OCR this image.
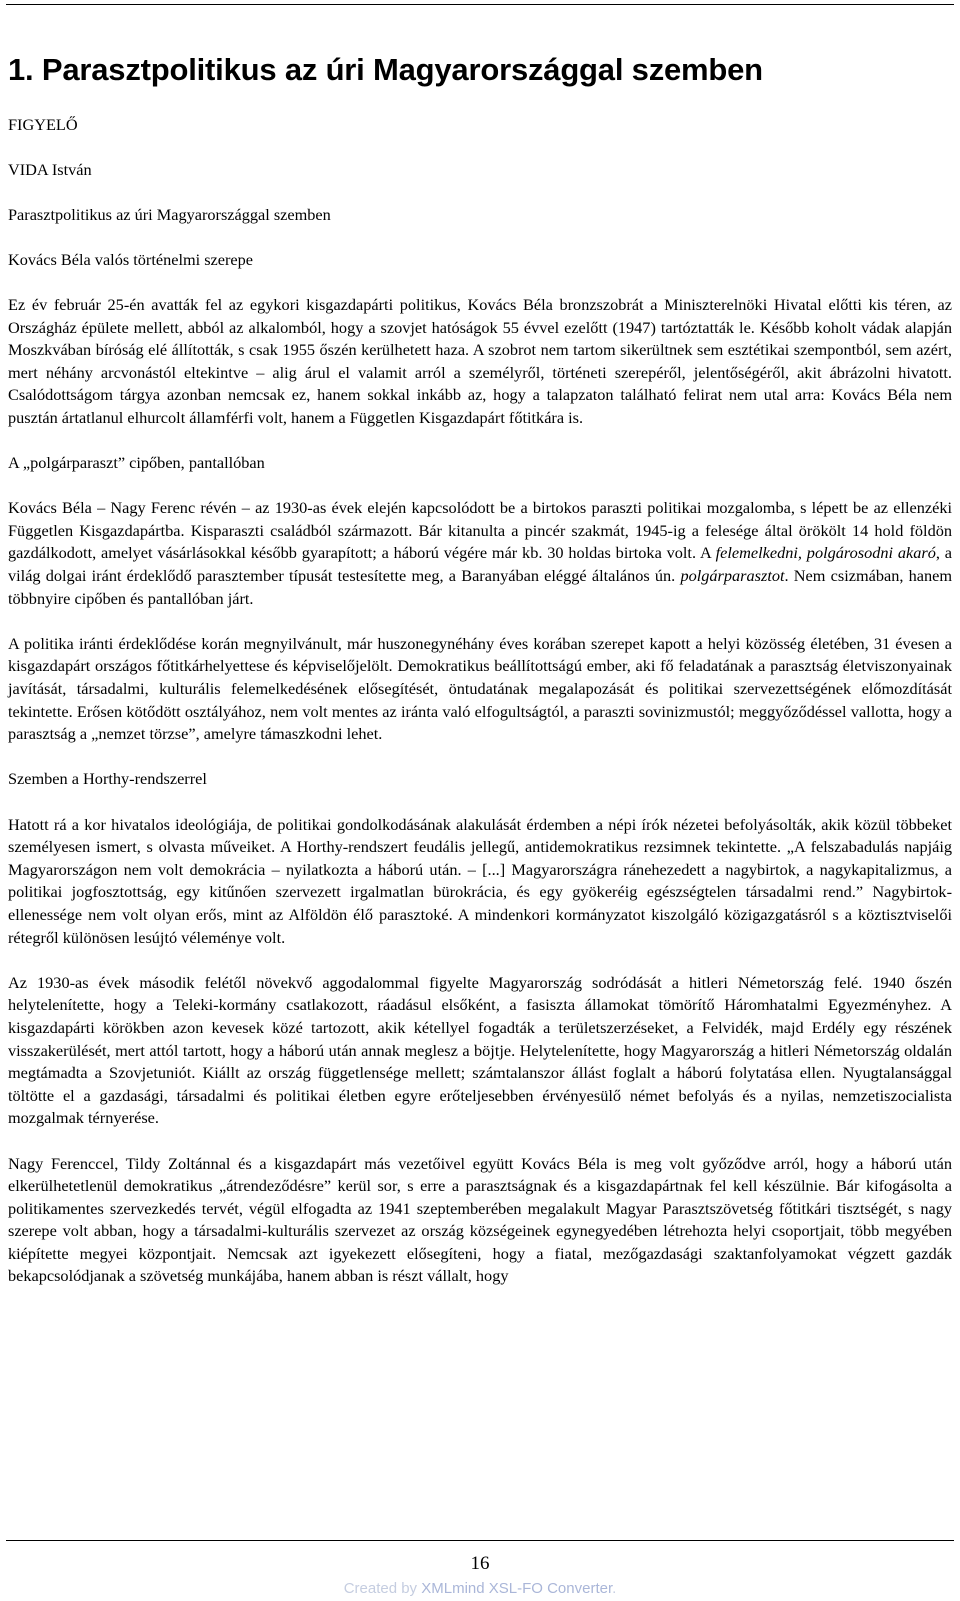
1. Parasztpolitikus az úri Magyarországgal szemben

FIGYELŐ

VIDA István

Parasztpolitikus az úri Magyarországgal szemben

Kovács Béla valós történelmi szerepe

Ez év február 25-én avatták fel az egykori kisgazdapárti politikus, Kovács Béla bronzszobrát a Miniszterelnöki Hivatal előtti kis téren, az Országház épülete mellett, abból az alkalomból, hogy a szovjet hatóságok 55 évvel ezelőtt (1947) tartóztatták le. Később koholt vádak alapján Moszkvában bíróság elé állították, s csak 1955 őszén kerülhetett haza. A szobrot nem tartom sikerültnek sem esztétikai szempontból, sem azért, mert néhány arcvonástól eltekintve – alig árul el valamit arról a személyről, történeti szerepéről, jelentőségéről, akit ábrázolni hivatott. Csalódottságom tárgya azonban nemcsak ez, hanem sokkal inkább az, hogy a talapzaton található felirat nem utal arra: Kovács Béla nem pusztán ártatlanul elhurcolt államférfi volt, hanem a Független Kisgazdapárt főtitkára is.

A „polgárparaszt” cipőben, pantallóban

Kovács Béla – Nagy Ferenc révén – az 1930-as évek elején kapcsolódott be a birtokos paraszti politikai mozgalomba, s lépett be az ellenzéki Független Kisgazdapártba. Kisparaszti családból származott. Bár kitanulta a pincér szakmát, 1945-ig a felesége által örökölt 14 hold földön gazdálkodott, amelyet vásárlásokkal később gyarapított; a háború végére már kb. 30 holdas birtoka volt. A felemelkedni, polgárosodni akaró, a világ dolgai iránt érdeklődő parasztember típusát testesítette meg, a Baranyában eléggé általános ún. polgárparasztot. Nem csizmában, hanem többnyire cipőben és pantallóban járt.

A politika iránti érdeklődése korán megnyilvánult, már huszonegynéhány éves korában szerepet kapott a helyi közösség életében, 31 évesen a kisgazdapárt országos főtitkárhelyettese és képviselőjelölt. Demokratikus beállítottságú ember, aki fő feladatának a parasztság életviszonyainak javítását, társadalmi, kulturális felemelkedésének elősegítését, öntudatának megalapozását és politikai szervezettségének előmozdítását tekintette. Erősen kötődött osztályához, nem volt mentes az iránta való elfogultságtól, a paraszti sovinizmustól; meggyőződéssel vallotta, hogy a parasztság a „nemzet törzse”, amelyre támaszkodni lehet.

Szemben a Horthy-rendszerrel

Hatott rá a kor hivatalos ideológiája, de politikai gondolkodásának alakulását érdemben a népi írók nézetei befolyásolták, akik közül többeket személyesen ismert, s olvasta műveiket. A Horthy-rendszert feudális jellegű, antidemokratikus rezsimnek tekintette. „A felszabadulás napjáig Magyarországon nem volt demokrácia – nyilatkozta a háború után. – [...] Magyarországra ránehezedett a nagybirtok, a nagykapitalizmus, a politikai jogfosztottság, egy kitűnően szervezett irgalmatlan bürokrácia, és egy gyökeréig egészségtelen társadalmi rend.” Nagybirtok-ellenessége nem volt olyan erős, mint az Alföldön élő parasztoké. A mindenkori kormányzatot kiszolgáló közigazgatásról s a köztisztviselői rétegről különösen lesújtó véleménye volt.

Az 1930-as évek második felétől növekvő aggodalommal figyelte Magyarország sodródását a hitleri Németország felé. 1940 őszén helytelenítette, hogy a Teleki-kormány csatlakozott, ráadásul elsőként, a fasiszta államokat tömörítő Háromhatalmi Egyezményhez. A kisgazdapárti körökben azon kevesek közé tartozott, akik kétellyel fogadták a területszerzéseket, a Felvidék, majd Erdély egy részének visszakerülését, mert attól tartott, hogy a háború után annak meglesz a böjtje. Helytelenítette, hogy Magyarország a hitleri Németország oldalán megtámadta a Szovjetuniót. Kiállt az ország függetlensége mellett; számtalanszor állást foglalt a háború folytatása ellen. Nyugtalansággal töltötte el a gazdasági, társadalmi és politikai életben egyre erőteljesebben érvényesülő német befolyás és a nyilas, nemzetiszocialista mozgalmak térnyerése.

Nagy Ferenccel, Tildy Zoltánnal és a kisgazdapárt más vezetőivel együtt Kovács Béla is meg volt győződve arról, hogy a háború után elkerülhetetlenül demokratikus „átrendeződésre” kerül sor, s erre a parasztságnak és a kisgazdapártnak fel kell készülnie. Bár kifogásolta a politikamentes szervezkedés tervét, végül elfogadta az 1941 szeptemberében megalakult Magyar Parasztszövetség főtitkári tisztségét, s nagy szerepe volt abban, hogy a társadalmi-kulturális szervezet az ország községeinek egynegyedében létrehozta helyi csoportjait, több megyében kiépítette megyei központjait. Nemcsak azt igyekezett elősegíteni, hogy a fiatal, mezőgazdasági szaktanfolyamokat végzett gazdák bekapcsolódjanak a szövetség munkájába, hanem abban is részt vállalt, hogy

16
Created by XMLmind XSL-FO Converter.
